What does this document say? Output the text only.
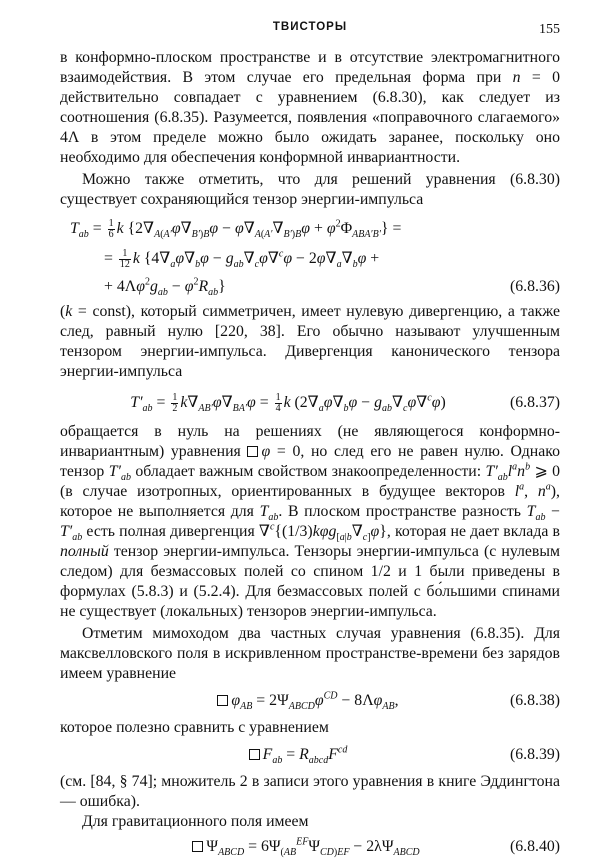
ТВИСТОРЫ	155

в конформно-плоском пространстве и в отсутствие электромагнитного взаимодействия. В этом случае его предельная форма при n = 0 действительно совпадает с уравнением (6.8.30), как следует из соотношения (6.8.35). Разумеется, появления «поправочного слагаемого» 4Λ в этом пределе можно было ожидать заранее, поскольку оно необходимо для обеспечения конформной инвариантности.

Можно также отметить, что для решений уравнения (6.8.30) существует сохраняющийся тензор энергии-импульса

$T_{ab} = \frac{1}{6}$ k $\{2\nabla_{A(A'}\varphi\nabla_{B')B}\varphi - \varphi\nabla_{A(A'}\nabla_{B')B}\varphi + \varphi^2\Phi_{ABA'B'}\}$ =
= $\frac{1}{12}$ k {$4\nabla_a\varphi\nabla_b\varphi - g_{ab}\nabla_c\varphi\nabla^c\varphi - 2\varphi\nabla_a\nabla_b\varphi$ +
+ $4\Lambda\varphi^2g_{ab} - \varphi^2R_{ab}$}	(6.8.36)

(k = const), который симметричен, имеет нулевую дивергенцию, а также след, равный нулю [220, 38]. Его обычно называют улучшенным тензором энергии-импульса. Дивергенция канонического тензора энергии-импульса

$T'_{ab} = \frac{1}{2} k\nabla_{AB'}\varphi\nabla_{BA'}\varphi = \frac{1}{4}$ k $(2\nabla_a\varphi\nabla_b\varphi - g_{ab}\nabla_c\varphi\nabla^c\varphi)$	(6.8.37)

обращается в нуль на решениях (не являющегося конформно-инвариантным) уравнения φ = 0, но след его не равен нулю. Однако тензор $T'_{ab}$ обладает важным свойством знакоопределенности: $T'_{ab}l^an^b$ ⩾ 0 (в случае изотропных, ориентированных в будущее векторов $l^a$, $n^a$), которое не выполняется для $T_{ab}$. В плоском пространстве разность $T_{ab} - T'_{ab}$ есть полная дивергенция $\nabla^c\{(1/3)k\varphi g_{[a|b}\nabla_{c]}\varphi\}$, которая не дает вклада в полный тензор энергии-импульса. Тензоры энергии-импульса (с нулевым следом) для безмассовых полей со спином 1/2 и 1 были приведены в формулах (5.8.3) и (5.2.4). Для безмассовых полей с бо́льшими спинами не существует (локальных) тензоров энергии-импульса.

Отметим мимоходом два частных случая уравнения (6.8.35). Для максвелловского поля в искривленном пространстве-времени без зарядов имеем уравнение

$\varphi_{AB} = 2\Psi_{ABCD}\varphi^{CD} - 8\Lambda\varphi_{AB}$,	(6.8.38)

которое полезно сравнить с уравнением

$F_{ab} = R_{abcd}F^{cd}$	(6.8.39)

(см. [84, § 74]; множитель 2 в записи этого уравнения в книге Эддингтона — ошибка).

Для гравитационного поля имеем

$\Psi_{ABCD} = 6\Psi_{(AB}^{EF}\Psi_{CD)EF} - 2\lambda\Psi_{ABCD}$	(6.8.40)
